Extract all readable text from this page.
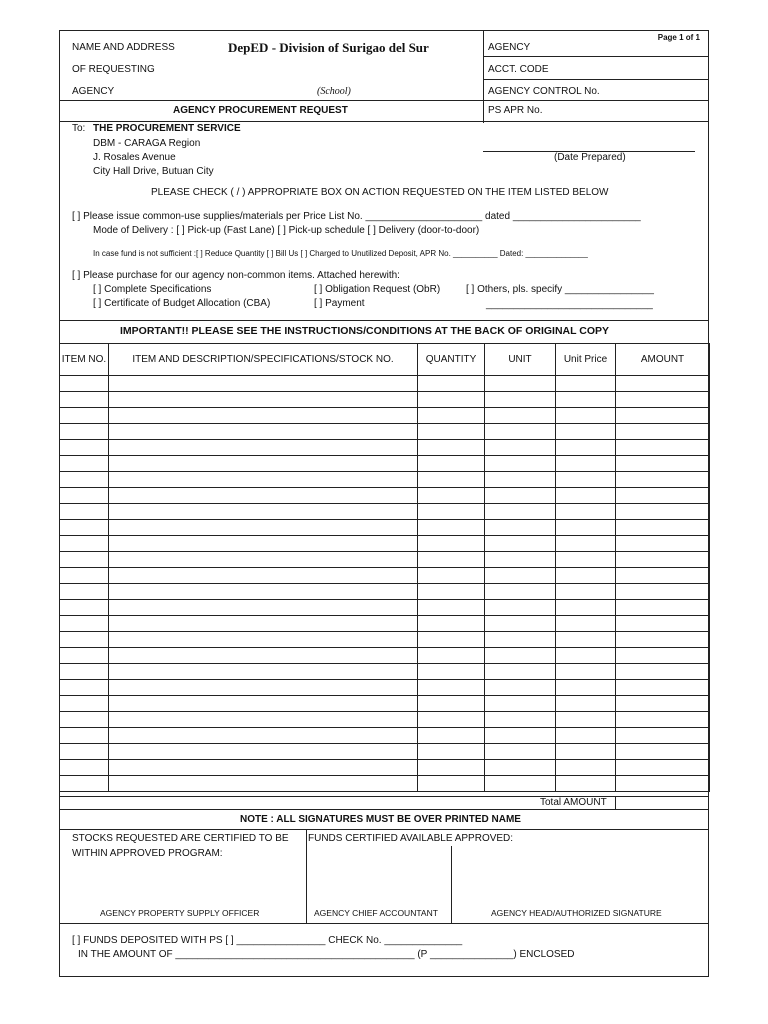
Page 1 of 1
NAME AND ADDRESS	DepED - Division of Surigao del Sur
OF REQUESTING
AGENCY	(School)
AGENCY PROCUREMENT REQUEST
AGENCY
ACCT. CODE
AGENCY CONTROL No.
PS APR No.
To: THE PROCUREMENT SERVICE
DBM - CARAGA Region
J. Rosales Avenue
City Hall Drive, Butuan City
(Date Prepared)
PLEASE CHECK ( / ) APPROPRIATE BOX ON ACTION REQUESTED ON THE ITEM LISTED BELOW
[ ] Please issue common-use supplies/materials per Price List No. _____________________ dated _______________________
Mode of Delivery : [ ] Pick-up (Fast Lane) [ ] Pick-up schedule [ ] Delivery (door-to-door)
In case fund is not sufficient :[ ] Reduce Quantity [ ] Bill Us [ ] Charged to Unutilized Deposit, APR No. __________ Dated: ______________
[ ] Please purchase for our agency non-common items. Attached herewith:
[ ] Complete Specifications	[ ] Obligation Request (ObR)	[ ] Others, pls. specify ________________
[ ] Certificate of Budget Allocation (CBA)	[ ] Payment	______________________________
IMPORTANT!! PLEASE SEE THE INSTRUCTIONS/CONDITIONS AT THE BACK OF ORIGINAL COPY
ITEM NO.	ITEM AND DESCRIPTION/SPECIFICATIONS/STOCK NO.	QUANTITY	UNIT	Unit Price	AMOUNT

Total AMOUNT
NOTE : ALL SIGNATURES MUST BE OVER PRINTED NAME
STOCKS REQUESTED ARE CERTIFIED TO BE
WITHIN APPROVED PROGRAM:
FUNDS CERTIFIED AVAILABLE APPROVED:
AGENCY PROPERTY SUPPLY OFFICER	AGENCY CHIEF ACCOUNTANT	AGENCY HEAD/AUTHORIZED SIGNATURE
[ ] FUNDS DEPOSITED WITH PS [ ] ________________ CHECK No. ______________
IN THE AMOUNT OF ___________________________________________ (P _______________) ENCLOSED
